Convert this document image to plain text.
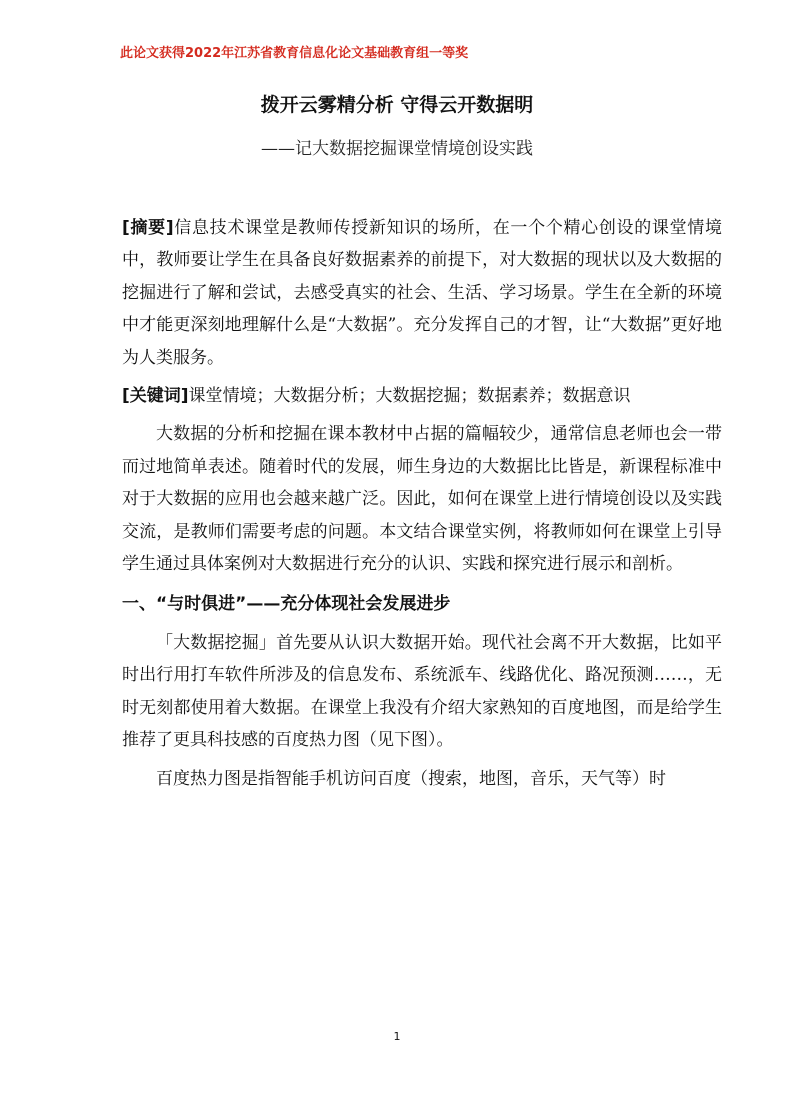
此论文获得2022年江苏省教育信息化论文基础教育组一等奖
拨开云雾精分析 守得云开数据明
——记大数据挖掘课堂情境创设实践

[摘要]信息技术课堂是教师传授新知识的场所，在一个个精心创设的课堂情境中，教师要让学生在具备良好数据素养的前提下，对大数据的现状以及大数据的挖掘进行了解和尝试，去感受真实的社会、生活、学习场景。学生在全新的环境中才能更深刻地理解什么是“大数据”。充分发挥自己的才智，让“大数据”更好地为人类服务。

[关键词]课堂情境；大数据分析；大数据挖掘；数据素养；数据意识

大数据的分析和挖掘在课本教材中占据的篇幅较少，通常信息老师也会一带而过地简单表述。随着时代的发展，师生身边的大数据比比皆是，新课程标准中对于大数据的应用也会越来越广泛。因此，如何在课堂上进行情境创设以及实践交流，是教师们需要考虑的问题。本文结合课堂实例，将教师如何在课堂上引导学生通过具体案例对大数据进行充分的认识、实践和探究进行展示和剖析。

一、“与时俱进”——充分体现社会发展进步

「大数据挖掘」首先要从认识大数据开始。现代社会离不开大数据，比如平时出行用打车软件所涉及的信息发布、系统派车、线路优化、路况预测……，无时无刻都使用着大数据。在课堂上我没有介绍大家熟知的百度地图，而是给学生推荐了更具科技感的百度热力图（见下图）。

百度热力图是指智能手机访问百度（搜索，地图，音乐，天气等）时

1
